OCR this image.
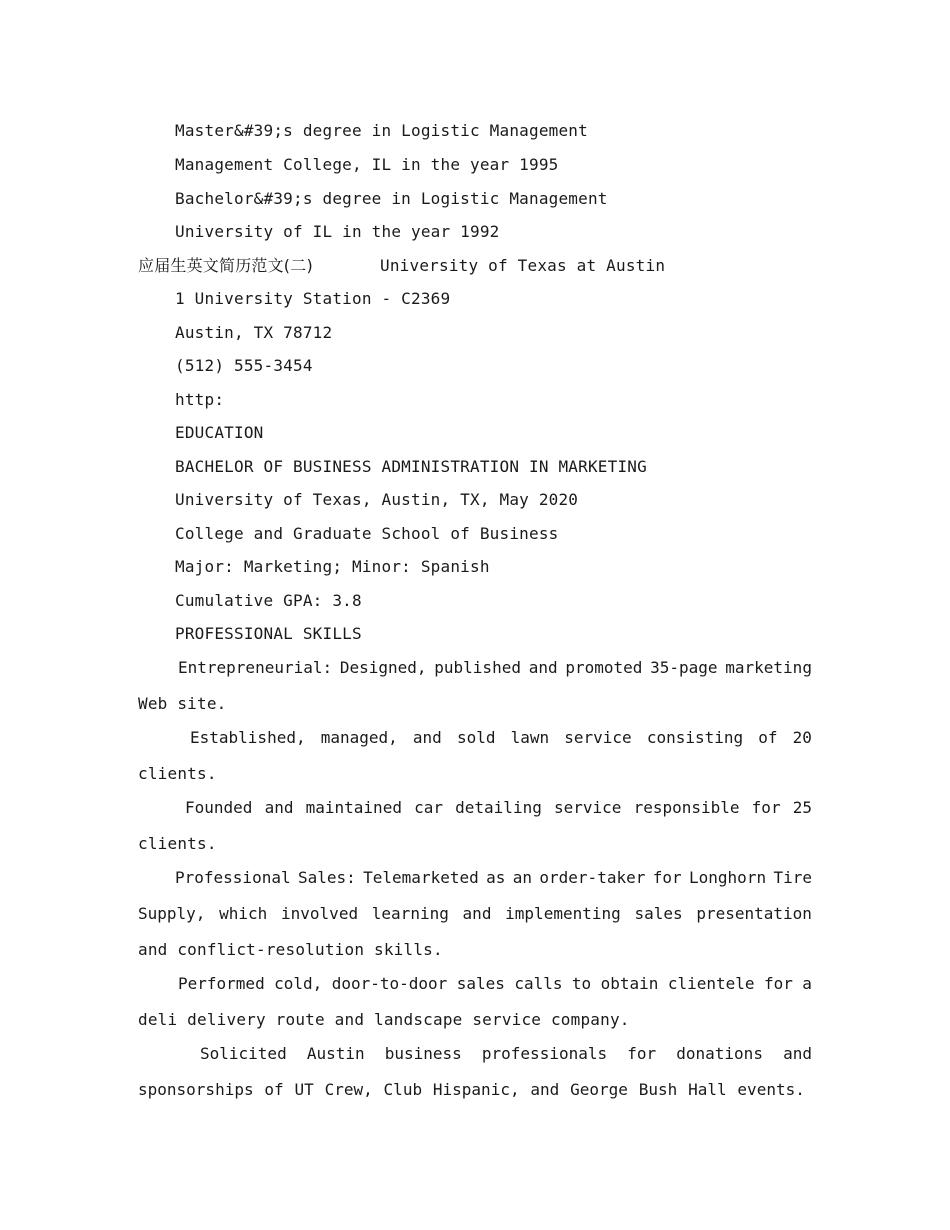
Master&#39;s degree in Logistic Management
Management College, IL in the year 1995
Bachelor&#39;s degree in Logistic Management
University of IL in the year 1992
应届生英文简历范文(二)	University of Texas at Austin
1 University Station - C2369
Austin, TX 78712
(512) 555-3454
http:
EDUCATION
BACHELOR OF BUSINESS ADMINISTRATION IN MARKETING
University of Texas, Austin, TX, May 2020
College and Graduate School of Business
Major: Marketing; Minor: Spanish
Cumulative GPA: 3.8
PROFESSIONAL SKILLS
Entrepreneurial: Designed, published and promoted 35-page marketing
Web site.
Established, managed, and sold lawn service consisting of 20
clients.
Founded and maintained car detailing service responsible for 25
clients.
Professional Sales: Telemarketed as an order-taker for Longhorn Tire
Supply, which involved learning and implementing sales presentation
and conflict-resolution skills.
Performed cold, door-to-door sales calls to obtain clientele for a
deli delivery route and landscape service company.
Solicited Austin business professionals for donations and
sponsorships of UT Crew, Club Hispanic, and George Bush Hall events.
